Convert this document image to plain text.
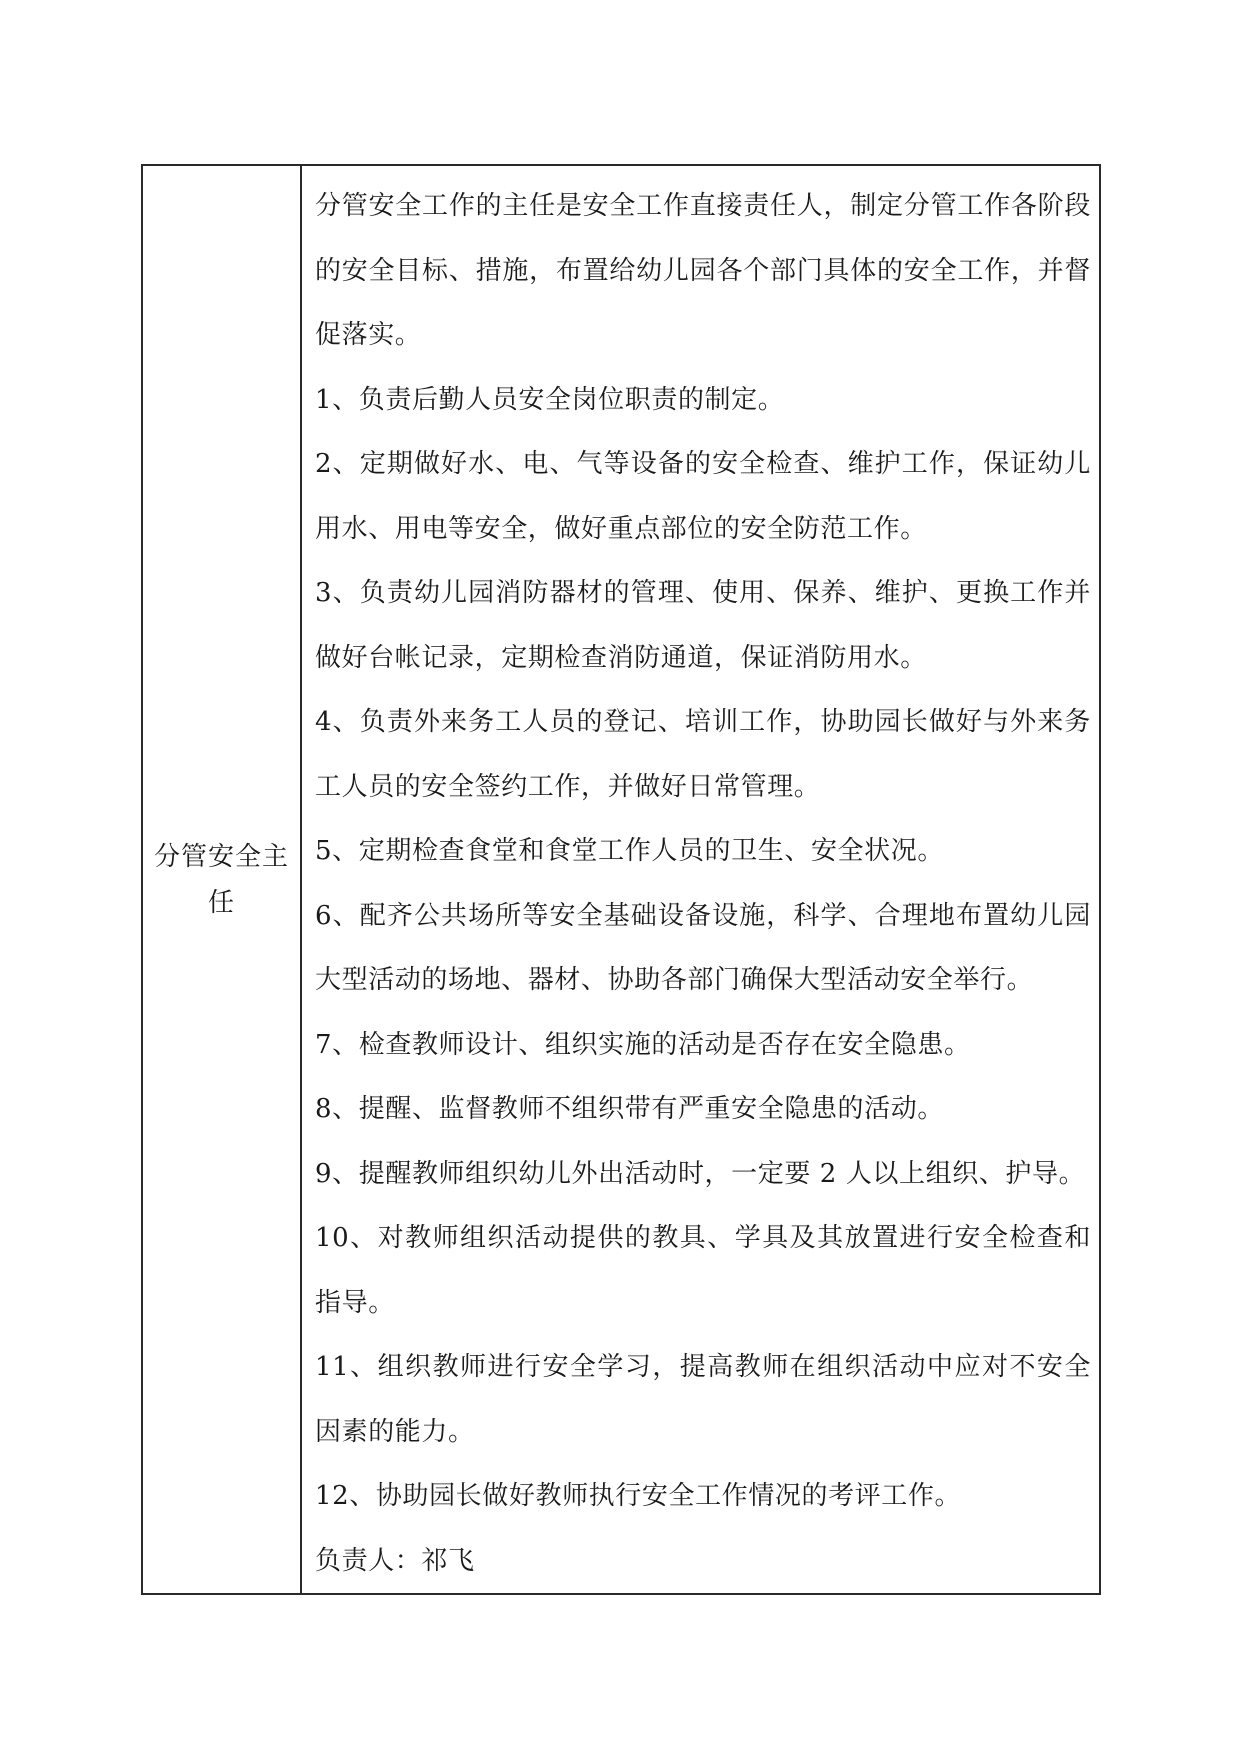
分管安全主任

分管安全工作的主任是安全工作直接责任人，制定分管工作各阶段的安全目标、措施，布置给幼儿园各个部门具体的安全工作，并督促落实。

1、负责后勤人员安全岗位职责的制定。

2、定期做好水、电、气等设备的安全检查、维护工作，保证幼儿用水、用电等安全，做好重点部位的安全防范工作。

3、负责幼儿园消防器材的管理、使用、保养、维护、更换工作并做好台帐记录，定期检查消防通道，保证消防用水。

4、负责外来务工人员的登记、培训工作，协助园长做好与外来务工人员的安全签约工作，并做好日常管理。

5、定期检查食堂和食堂工作人员的卫生、安全状况。

6、配齐公共场所等安全基础设备设施，科学、合理地布置幼儿园大型活动的场地、器材、协助各部门确保大型活动安全举行。

7、检查教师设计、组织实施的活动是否存在安全隐患。

8、提醒、监督教师不组织带有严重安全隐患的活动。

9、提醒教师组织幼儿外出活动时，一定要 2 人以上组织、护导。

10、对教师组织活动提供的教具、学具及其放置进行安全检查和指导。

11、组织教师进行安全学习，提高教师在组织活动中应对不安全因素的能力。

12、协助园长做好教师执行安全工作情况的考评工作。

负责人：祁飞
